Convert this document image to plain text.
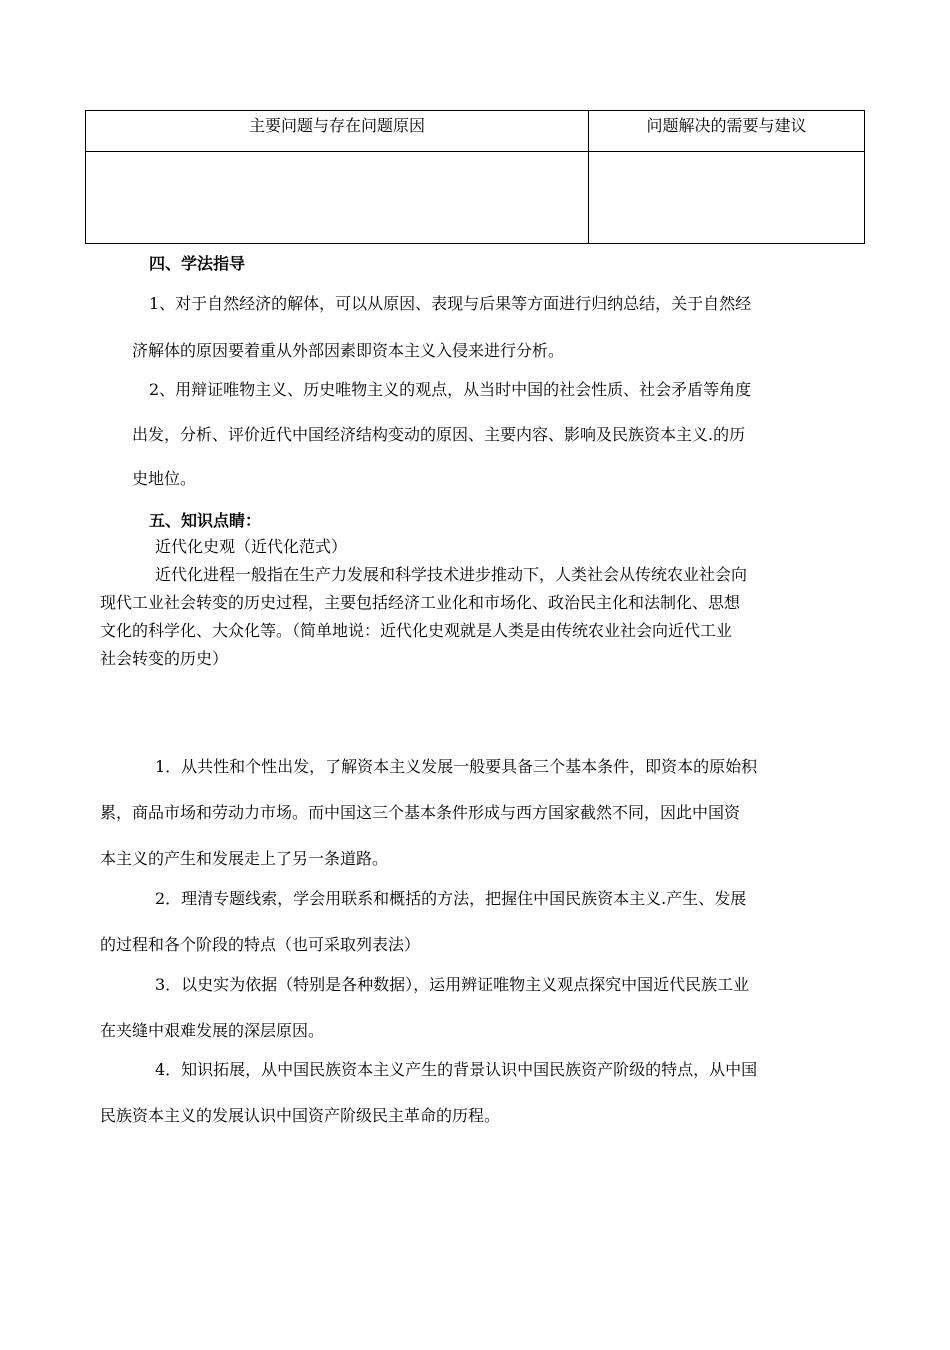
主要问题与存在问题原因	问题解决的需要与建议

四、学法指导
1、对于自然经济的解体，可以从原因、表现与后果等方面进行归纳总结，关于自然经
济解体的原因要着重从外部因素即资本主义入侵来进行分析。
2、用辩证唯物主义、历史唯物主义的观点，从当时中国的社会性质、社会矛盾等角度
出发，分析、评价近代中国经济结构变动的原因、主要内容、影响及民族资本主义.的历
史地位。
五、知识点睛：
近代化史观（近代化范式）
近代化进程一般指在生产力发展和科学技术进步推动下，人类社会从传统农业社会向
现代工业社会转变的历史过程，主要包括经济工业化和市场化、政治民主化和法制化、思想
文化的科学化、大众化等。（简单地说：近代化史观就是人类是由传统农业社会向近代工业
社会转变的历史）
1．从共性和个性出发，了解资本主义发展一般要具备三个基本条件，即资本的原始积
累，商品市场和劳动力市场。而中国这三个基本条件形成与西方国家截然不同，因此中国资
本主义的产生和发展走上了另一条道路。
2．理清专题线索，学会用联系和概括的方法，把握住中国民族资本主义.产生、发展
的过程和各个阶段的特点（也可采取列表法）
3．以史实为依据（特别是各种数据），运用辨证唯物主义观点探究中国近代民族工业
在夹缝中艰难发展的深层原因。
4．知识拓展，从中国民族资本主义产生的背景认识中国民族资产阶级的特点，从中国
民族资本主义的发展认识中国资产阶级民主革命的历程。
